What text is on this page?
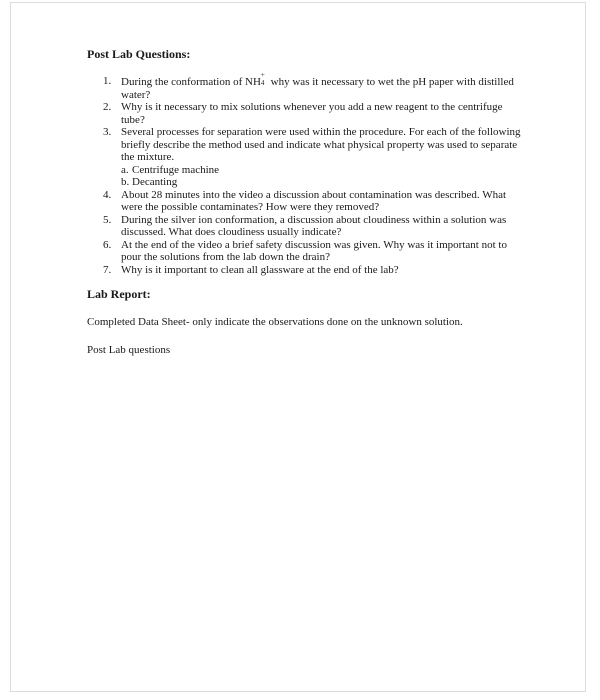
Post Lab Questions:

1. During the conformation of NH
+
4 why was it necessary to wet the pH paper with distilled water?
2. Why is it necessary to mix solutions whenever you add a new reagent to the centrifuge tube?
3. Several processes for separation were used within the procedure. For each of the following briefly describe the method used and indicate what physical property was used to separate the mixture.
a. Centrifuge machine
b. Decanting
4. About 28 minutes into the video a discussion about contamination was described. What were the possible contaminates? How were they removed?
5. During the silver ion conformation, a discussion about cloudiness within a solution was discussed. What does cloudiness usually indicate?
6. At the end of the video a brief safety discussion was given. Why was it important not to pour the solutions from the lab down the drain?
7. Why is it important to clean all glassware at the end of the lab?

Lab Report:

Completed Data Sheet- only indicate the observations done on the unknown solution.

Post Lab questions
